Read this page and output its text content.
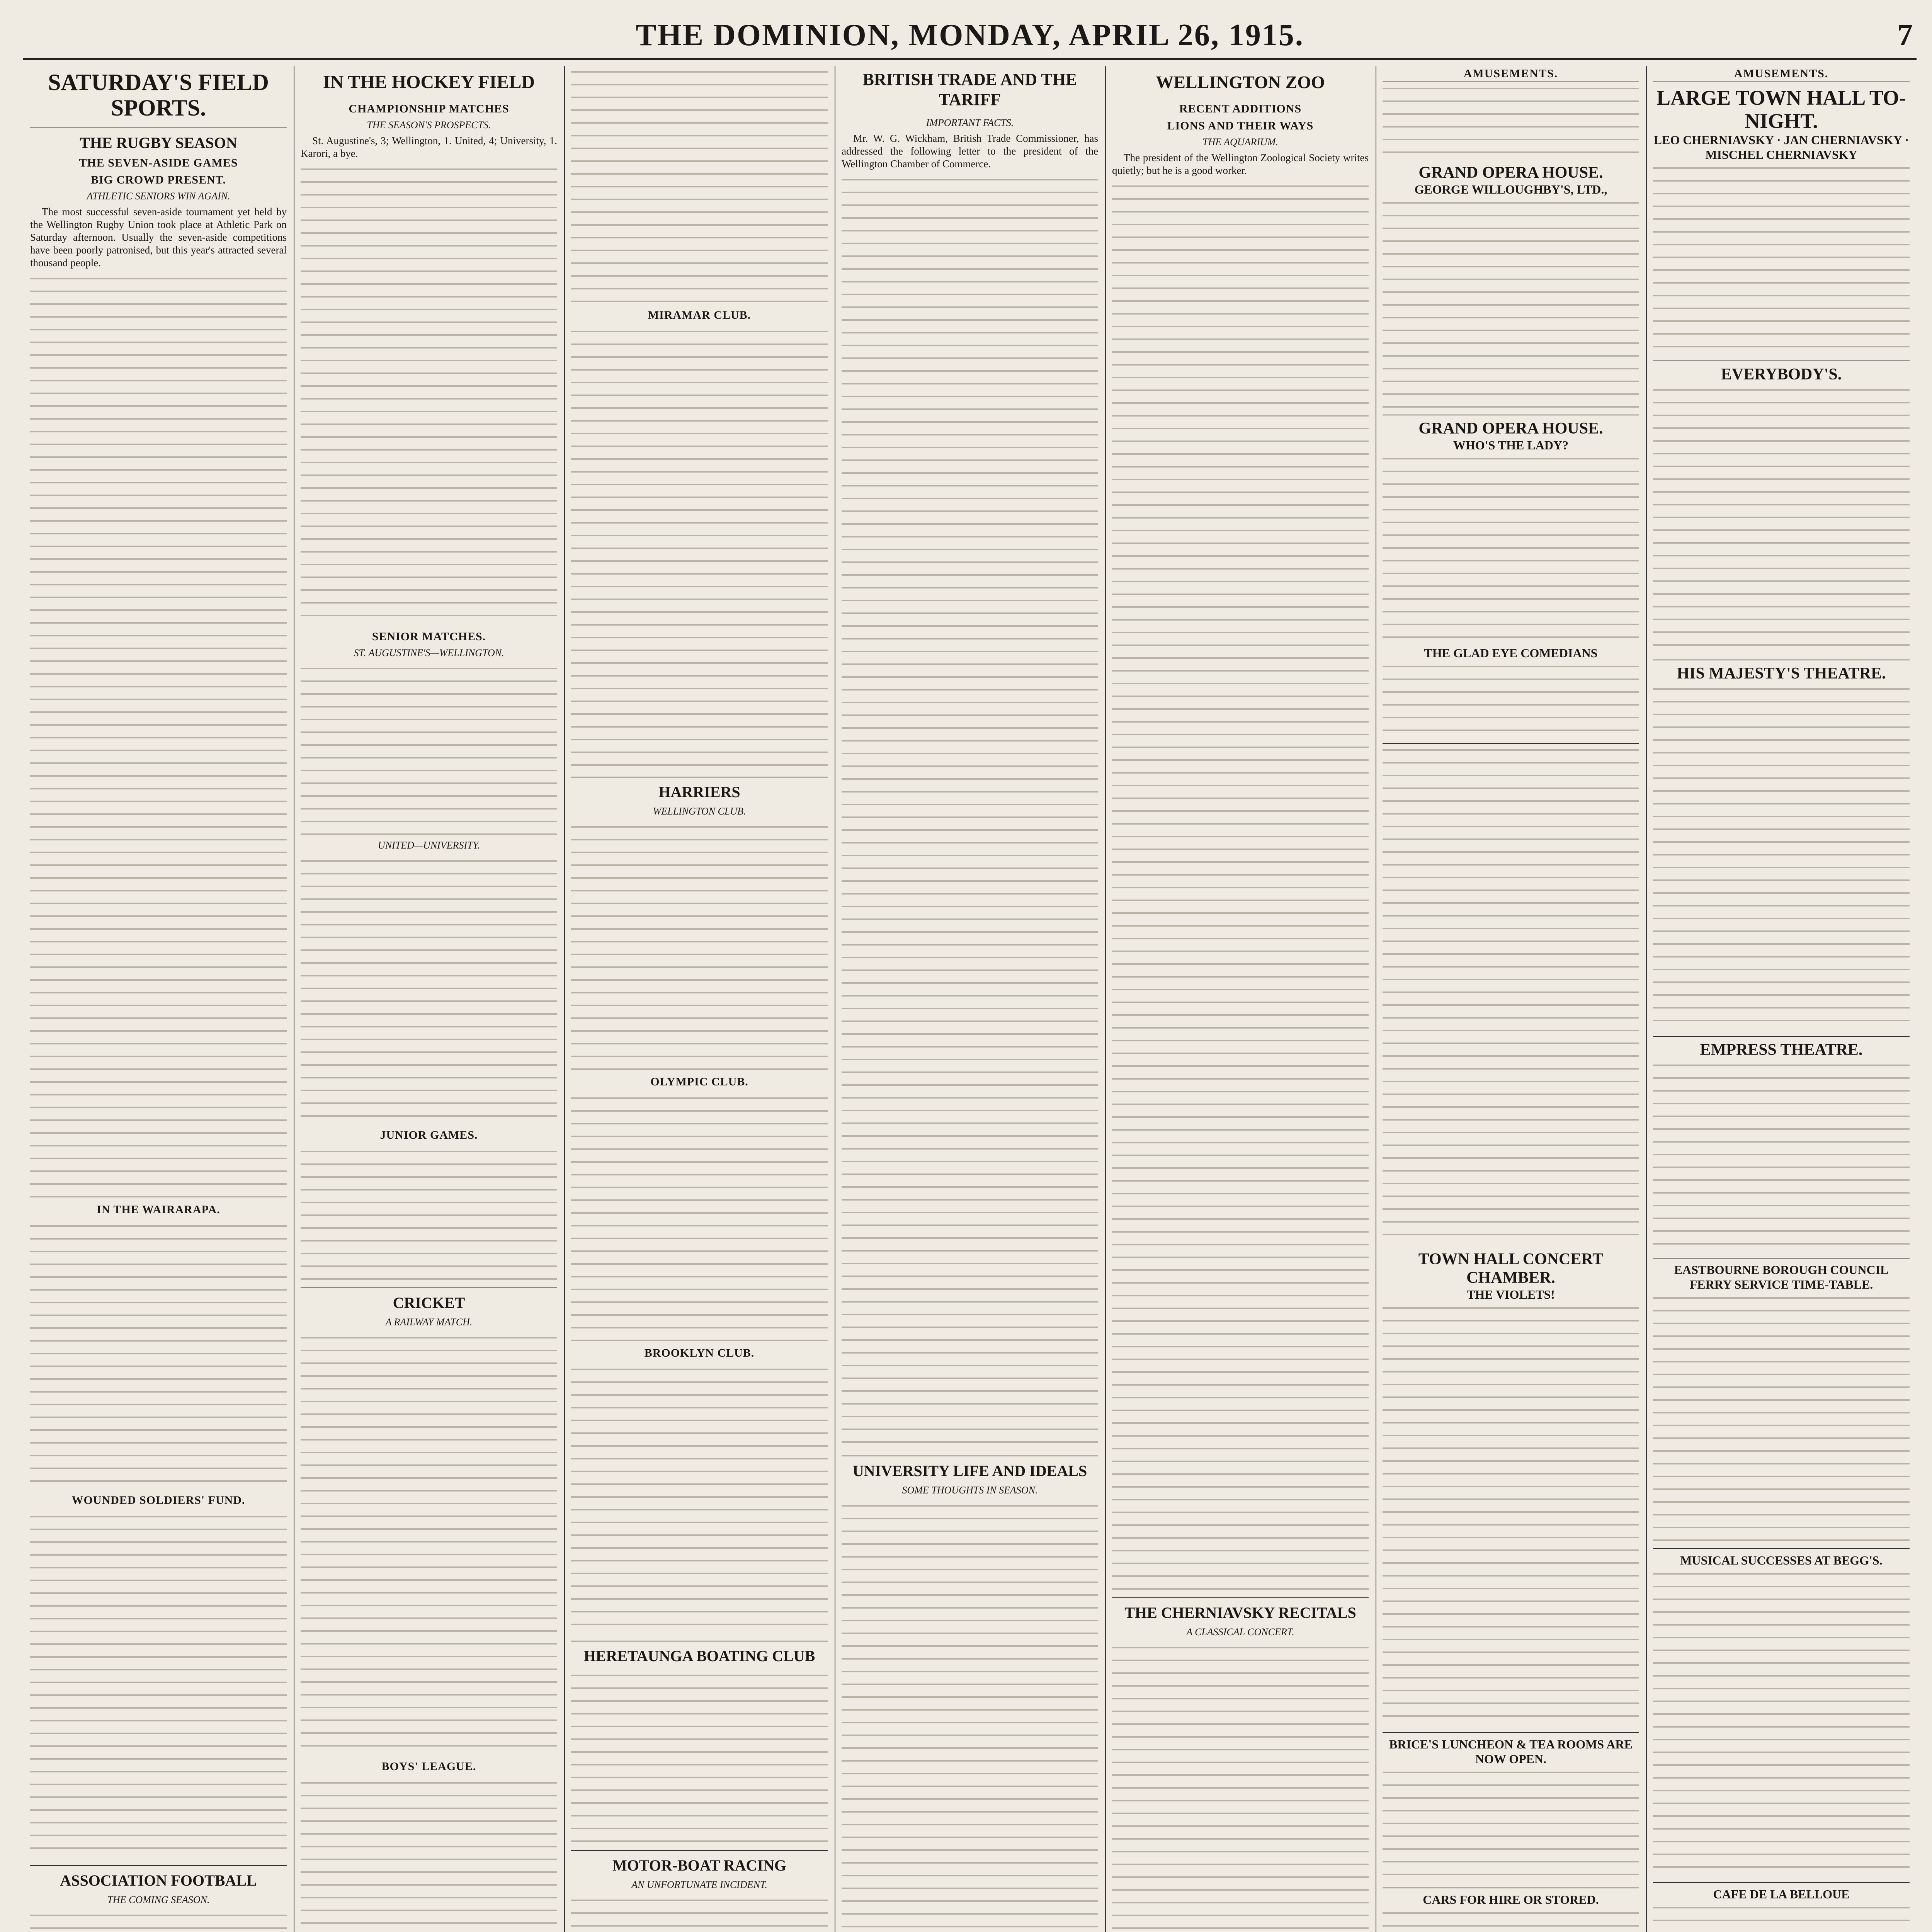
THE DOMINION, MONDAY, APRIL 26, 1915.	7
SATURDAY'S FIELD SPORTS.
THE RUGBY SEASON
THE SEVEN-ASIDE GAMES
BIG CROWD PRESENT.
ATHLETIC SENIORS WIN AGAIN.

The most successful seven-aside tournament yet held by the Wellington Rugby Union took place at Athletic Park on Saturday afternoon. Usually the seven-aside competitions have been poorly patronised, but this year's attracted several thousand people.

IN THE WAIRARAPA.
WOUNDED SOLDIERS' FUND.
ASSOCIATION FOOTBALL
THE COMING SEASON.
IN THE HOCKEY FIELD
CHAMPIONSHIP MATCHES
THE SEASON'S PROSPECTS.

St. Augustine's, 3; Wellington, 1. United, 4; University, 1. Karori, a bye.

SENIOR MATCHES.
ST. AUGUSTINE'S—WELLINGTON.
UNITED—UNIVERSITY.
JUNIOR GAMES.
CRICKET
A RAILWAY MATCH.
BOYS' LEAGUE.
MIRAMAR CLUB.
HARRIERS
WELLINGTON CLUB.
OLYMPIC CLUB.
BROOKLYN CLUB.
HERETAUNGA BOATING CLUB
MOTOR-BOAT RACING
AN UNFORTUNATE INCIDENT.
BRITISH TRADE AND THE TARIFF
IMPORTANT FACTS.

Mr. W. G. Wickham, British Trade Commissioner, has addressed the following letter to the president of the Wellington Chamber of Commerce.

UNIVERSITY LIFE AND IDEALS
SOME THOUGHTS IN SEASON.
WELLINGTON ZOO
RECENT ADDITIONS
LIONS AND THEIR WAYS
THE AQUARIUM.

The president of the Wellington Zoological Society writes quietly; but he is a good worker.

THE CHERNIAVSKY RECITALS
A CLASSICAL CONCERT.
AMUSEMENTS.
GRAND OPERA HOUSE.
GEORGE WILLOUGHBY'S, LTD.,
GRAND OPERA HOUSE.
WHO'S THE LADY?
THE GLAD EYE COMEDIANS
TOWN HALL CONCERT CHAMBER.
THE VIOLETS!
BRICE'S LUNCHEON & TEA ROOMS ARE NOW OPEN.
CARS FOR HIRE OR STORED.
AMUSEMENTS.
LARGE TOWN HALL TO-NIGHT.
LEO CHERNIAVSKY · JAN CHERNIAVSKY · MISCHEL CHERNIAVSKY
EVERYBODY'S.
HIS MAJESTY'S THEATRE.
EMPRESS THEATRE.
EASTBOURNE BOROUGH COUNCIL FERRY SERVICE TIME-TABLE.
MUSICAL SUCCESSES AT BEGG'S.
CAFE DE LA BELLOUE
